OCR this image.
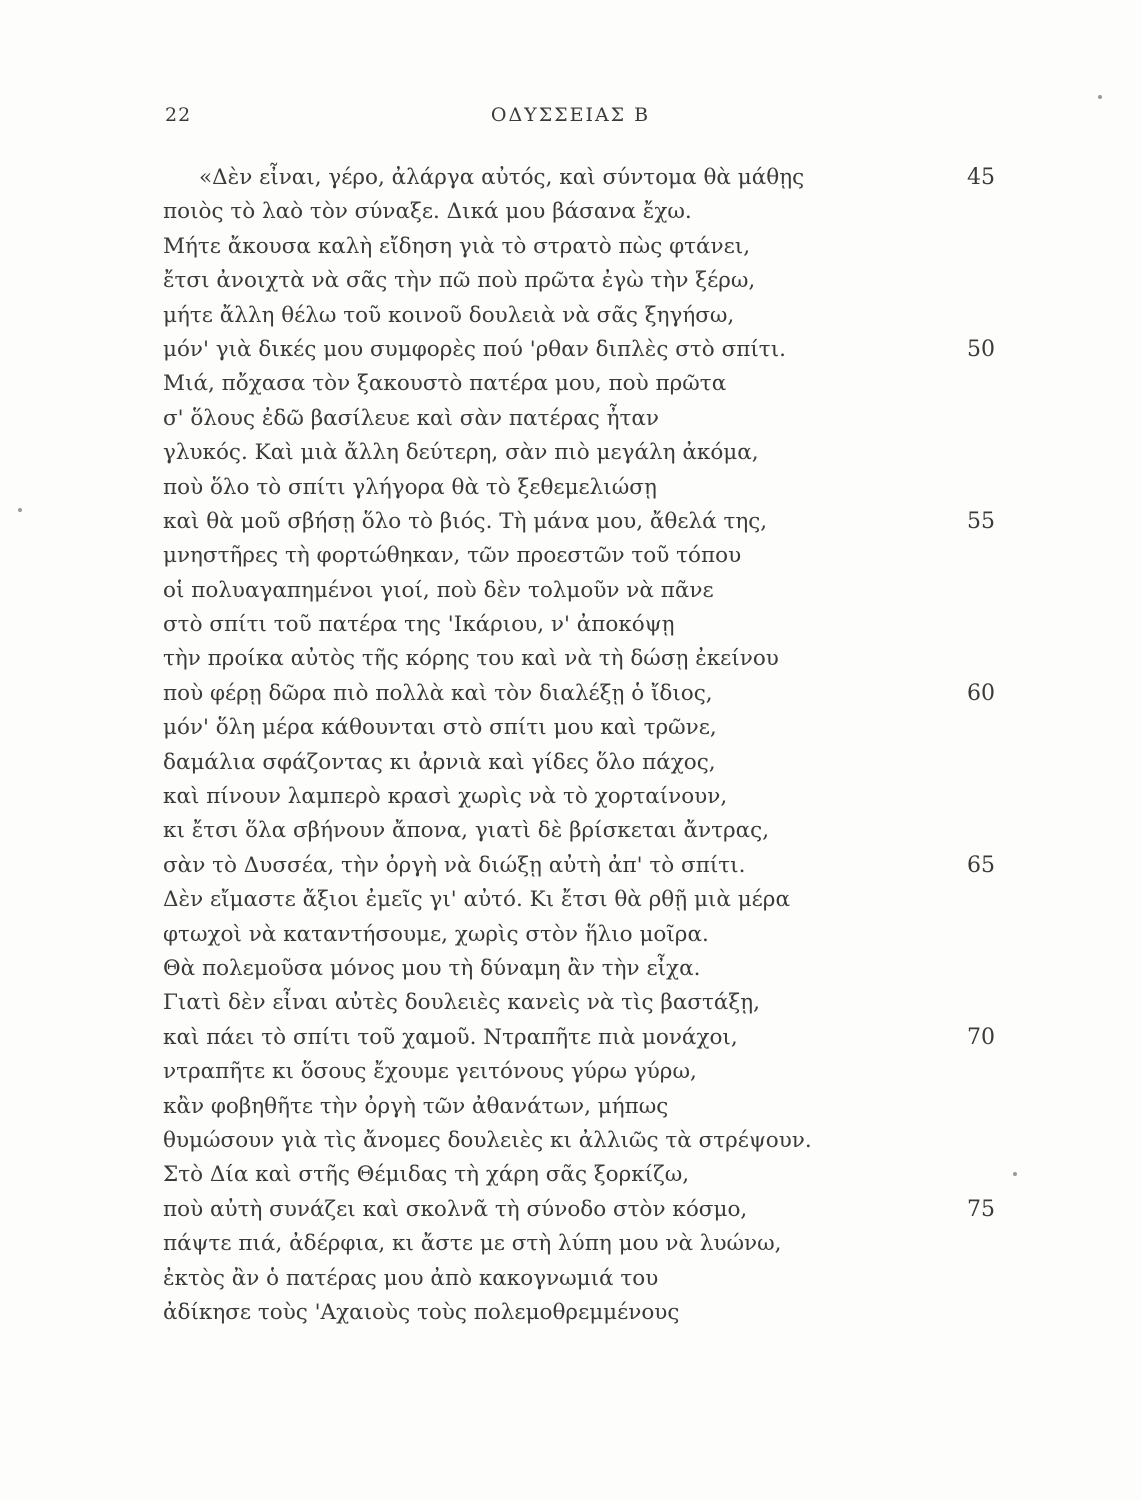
22	ΟΔΥΣΣΕΙΑΣ Β
«Δὲν εἶναι, γέρο, ἀλάργα αὐτός, καὶ σύντομα θὰ μάθῃς	45
ποιὸς τὸ λαὸ τὸν σύναξε. Δικά μου βάσανα ἔχω.
Μήτε ἄκουσα καλὴ εἴδηση γιὰ τὸ στρατὸ πὼς φτάνει,
ἔτσι ἀνοιχτὰ νὰ σᾶς τὴν πῶ ποὺ πρῶτα ἐγὼ τὴν ξέρω,
μήτε ἄλλη θέλω τοῦ κοινοῦ δουλειὰ νὰ σᾶς ξηγήσω,
μόν' γιὰ δικές μου συμφορὲς πού 'ρθαν διπλὲς στὸ σπίτι.	50
Μιά, πὄχασα τὸν ξακουστὸ πατέρα μου, ποὺ πρῶτα
σ' ὅλους ἐδῶ βασίλευε καὶ σὰν πατέρας ἦταν
γλυκός. Καὶ μιὰ ἄλλη δεύτερη, σὰν πιὸ μεγάλη ἀκόμα,
ποὺ ὅλο τὸ σπίτι γλήγορα θὰ τὸ ξεθεμελιώσῃ
καὶ θὰ μοῦ σβήσῃ ὅλο τὸ βιός. Τὴ μάνα μου, ἄθελά της,	55
μνηστῆρες τὴ φορτώθηκαν, τῶν προεστῶν τοῦ τόπου
οἱ πολυαγαπημένοι γιοί, ποὺ δὲν τολμοῦν νὰ πᾶνε
στὸ σπίτι τοῦ πατέρα της 'Ικάριου, ν' ἀποκόψῃ
τὴν προίκα αὐτὸς τῆς κόρης του καὶ νὰ τὴ δώσῃ ἐκείνου
ποὺ φέρῃ δῶρα πιὸ πολλὰ καὶ τὸν διαλέξῃ ὁ ἴδιος,	60
μόν' ὅλη μέρα κάθουνται στὸ σπίτι μου καὶ τρῶνε,
δαμάλια σφάζοντας κι ἀρνιὰ καὶ γίδες ὅλο πάχος,
καὶ πίνουν λαμπερὸ κρασὶ χωρὶς νὰ τὸ χορταίνουν,
κι ἔτσι ὅλα σβήνουν ἄπονα, γιατὶ δὲ βρίσκεται ἄντρας,
σὰν τὸ Δυσσέα, τὴν ὀργὴ νὰ διώξῃ αὐτὴ ἀπ' τὸ σπίτι.	65
Δὲν εἴμαστε ἄξιοι ἐμεῖς γι' αὐτό. Κι ἔτσι θὰ ρθῇ μιὰ μέρα
φτωχοὶ νὰ καταντήσουμε, χωρὶς στὸν ἥλιο μοῖρα.
Θὰ πολεμοῦσα μόνος μου τὴ δύναμη ἂν τὴν εἶχα.
Γιατὶ δὲν εἶναι αὐτὲς δουλειὲς κανεὶς νὰ τὶς βαστάξῃ,
καὶ πάει τὸ σπίτι τοῦ χαμοῦ. Ντραπῆτε πιὰ μονάχοι,	70
ντραπῆτε κι ὅσους ἔχουμε γειτόνους γύρω γύρω,
κἂν φοβηθῆτε τὴν ὀργὴ τῶν ἀθανάτων, μήπως
θυμώσουν γιὰ τὶς ἄνομες δουλειὲς κι ἀλλιῶς τὰ στρέψουν.
Στὸ Δία καὶ στῆς Θέμιδας τὴ χάρη σᾶς ξορκίζω,
ποὺ αὐτὴ συνάζει καὶ σκολνᾶ τὴ σύνοδο στὸν κόσμο,	75
πάψτε πιά, ἀδέρφια, κι ἄστε με στὴ λύπη μου νὰ λυώνω,
ἐκτὸς ἂν ὁ πατέρας μου ἀπὸ κακογνωμιά του
ἀδίκησε τοὺς 'Αχαιοὺς τοὺς πολεμοθρεμμένους
